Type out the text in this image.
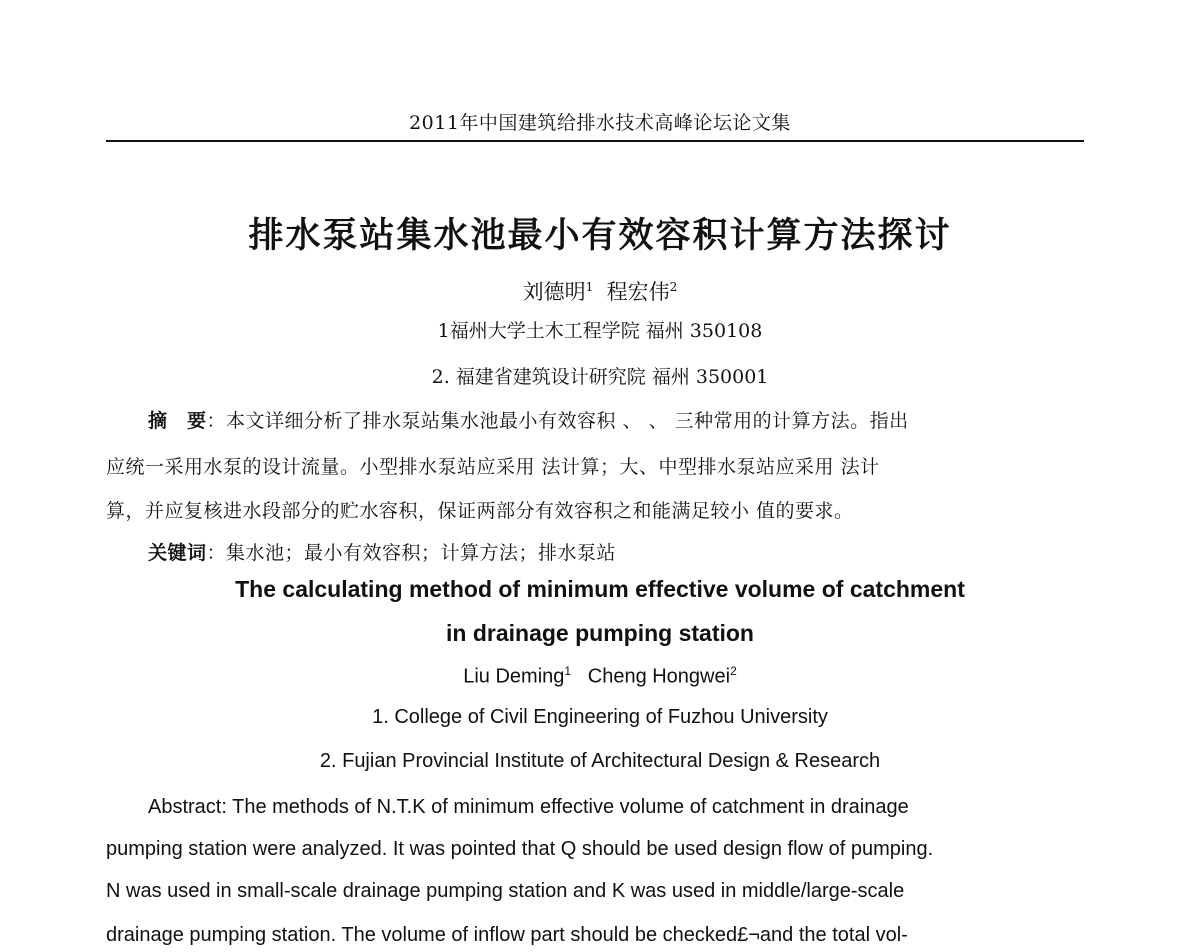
2011年中国建筑给排水技术高峰论坛论文集
排水泵站集水池最小有效容积计算方法探讨
刘德明$^1$ 程宏伟$^2$
1福州大学土木工程学院 福州 350108
2. 福建省建筑设计研究院 福州 350001
摘　要：本文详细分析了排水泵站集水池最小有效容积 、 、 三种常用的计算方法。指出
应统一采用水泵的设计流量。小型排水泵站应采用 法计算；大、中型排水泵站应采用 法计
算，并应复核进水段部分的贮水容积，保证两部分有效容积之和能满足较小 值的要求。
关键词：集水池；最小有效容积；计算方法；排水泵站
The calculating method of minimum effective volume of catchment
in drainage pumping station
Liu Deming$^1$ Cheng Hongwei$^2$
1. College of Civil Engineering of Fuzhou University
2. Fujian Provincial Institute of Architectural Design & Research
Abstract: The methods of N.T.K of minimum effective volume of catchment in drainage
pumping station were analyzed. It was pointed that Q should be used design flow of pumping.
N was used in small-scale drainage pumping station and K was used in middle/large-scale
drainage pumping station. The volume of inflow part should be checked£¬and the total vol-
